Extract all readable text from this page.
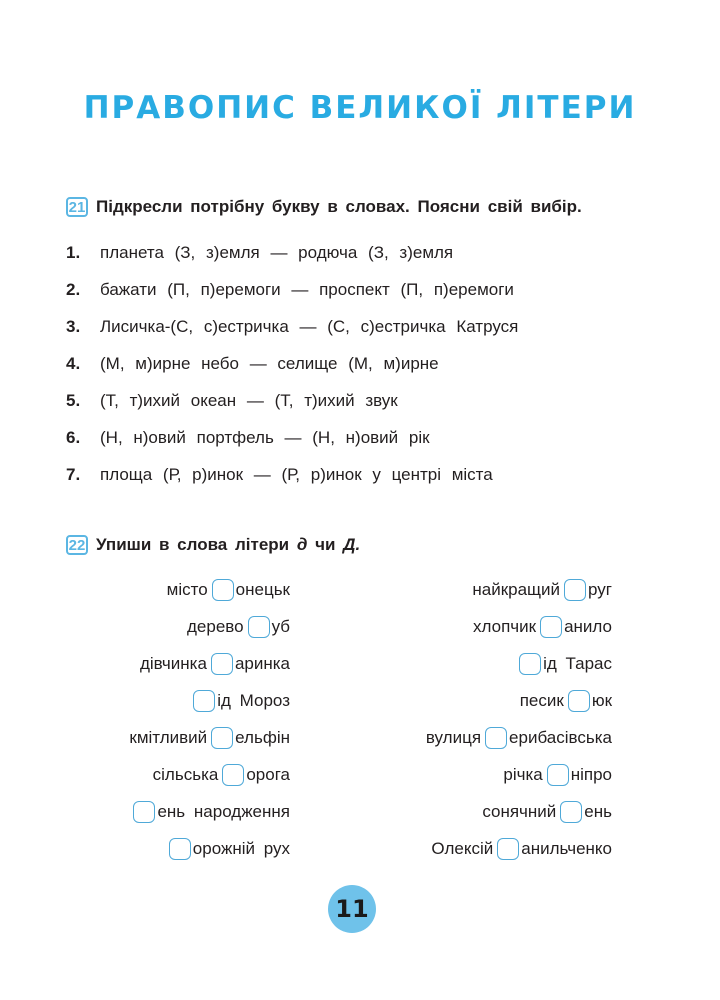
ПРАВОПИС ВЕЛИКОЇ ЛІТЕРИ
21 Підкресли потрібну букву в словах. Поясни свій вибір.
1.	планета (З, з)емля — родюча (З, з)емля
2.	бажати (П, п)еремоги — проспект (П, п)еремоги
3.	Лисичка-(С, с)естричка — (С, с)естричка Катруся
4.	(М, м)ирне небо — селище (М, м)ирне
5.	(Т, т)ихий океан — (Т, т)ихий звук
6.	(Н, н)овий портфель — (Н, н)овий рік
7.	площа (Р, р)инок — (Р, р)инок у центрі міста
22 Упиши в слова літери
д
чи
Д.
місто онецьк
дерево уб
дівчинка аринка
ід Мороз
кмітливий ельфін
сільська орога
ень народження
орожній рух
найкращий руг
хлопчик анило
ід Тарас
песик юк
вулиця ерибасівська
річка ніпро
сонячний ень
Олексій анильченко
11
